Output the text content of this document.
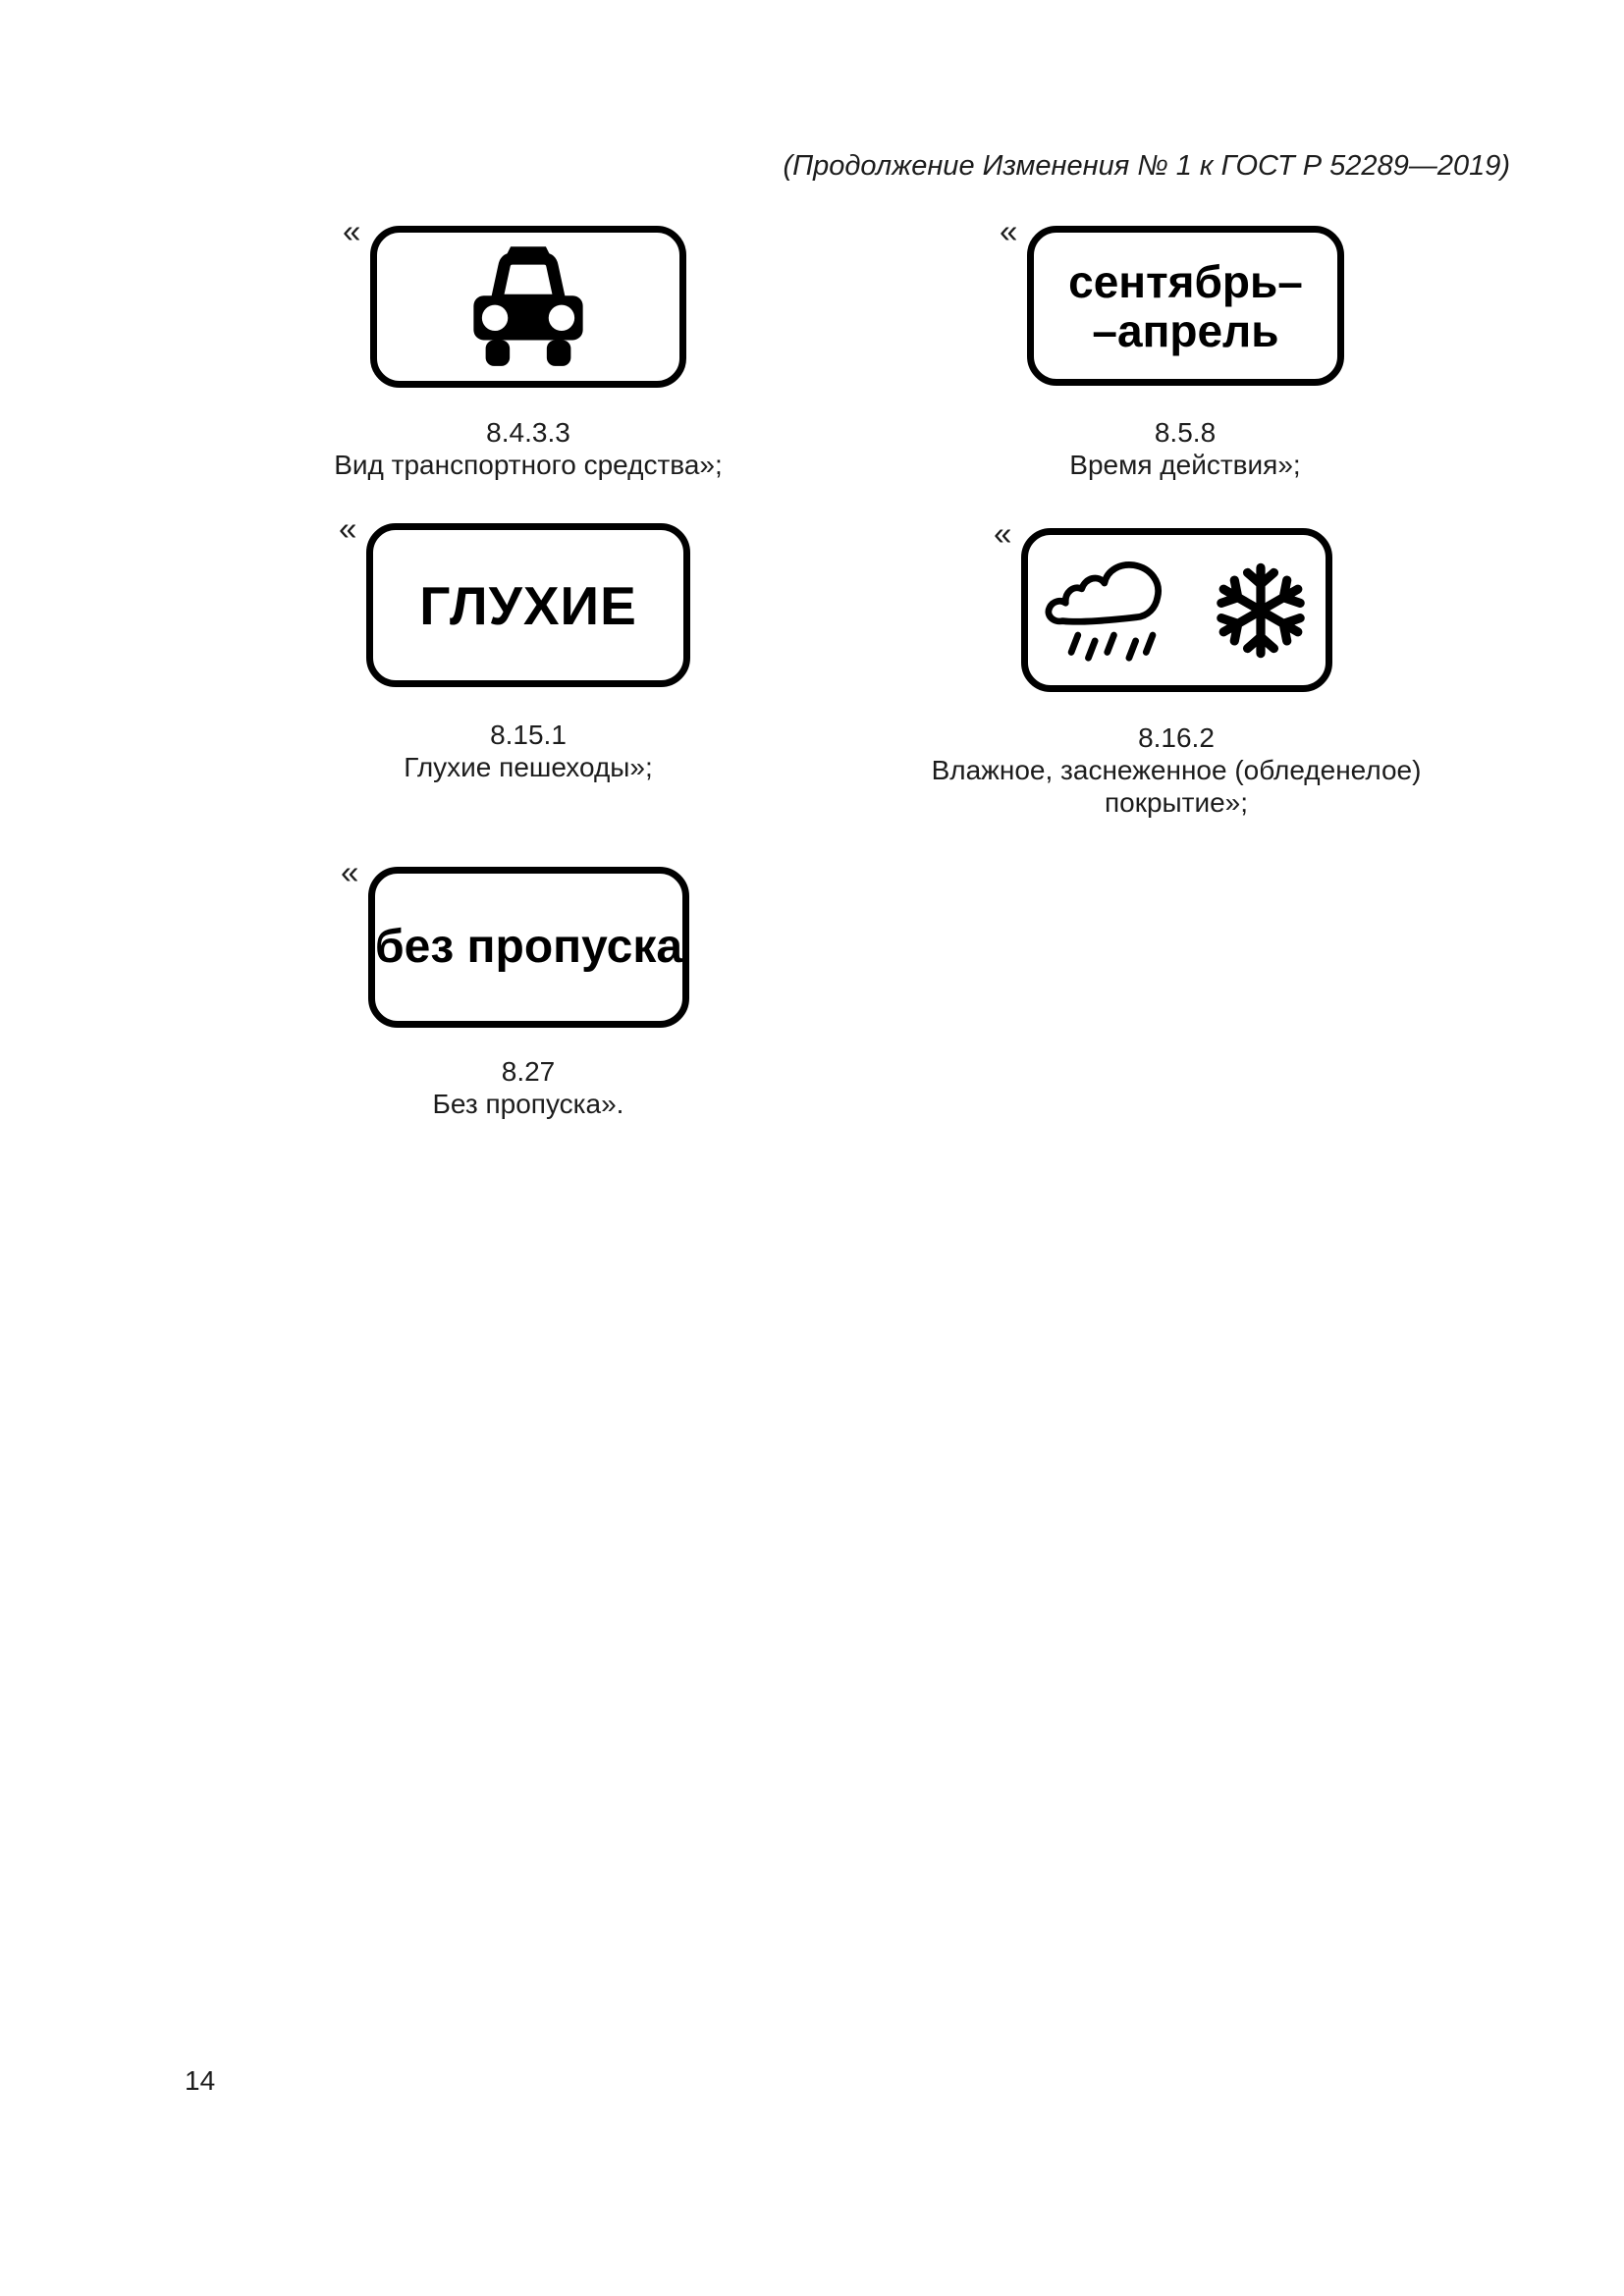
(Продолжение Изменения № 1 к ГОСТ Р 52289—2019)
«
8.4.3.3
Вид транспортного средства»;
«
сентябрь–
–апрель
8.5.8
Время действия»;
«
ГЛУХИЕ
8.15.1
Глухие пешеходы»;
«
8.16.2
Влажное, заснеженное (обледенелое)
покрытие»;
«
без пропуска
8.27
Без пропуска».
14
